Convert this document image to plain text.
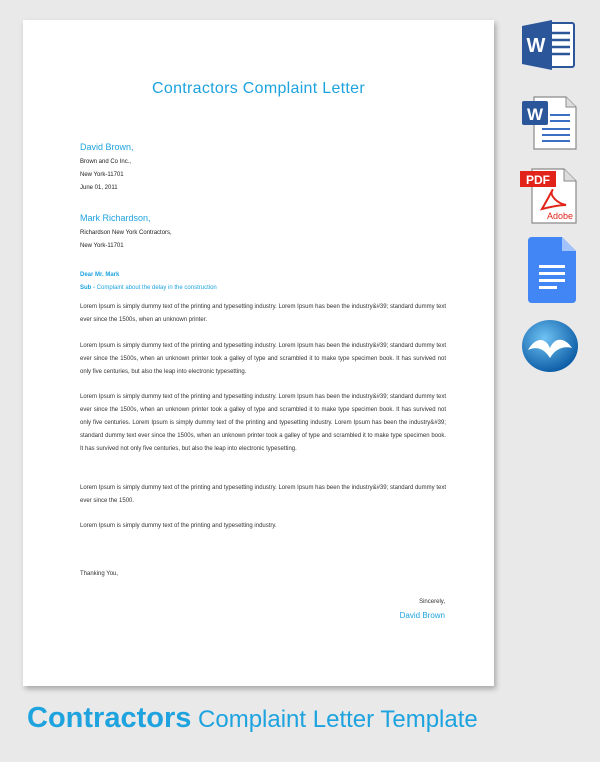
Contractors Complaint Letter
David Brown,
Brown and Co Inc.,
New York-11701
June 01, 2011
Mark Richardson,
Richardson New York Contractors,
New York-11701
Dear Mr. Mark
Sub - Complaint about the delay in the construction
Lorem Ipsum is simply dummy text of the printing and typesetting industry. Lorem Ipsum has been the industry&#39; standard dummy text ever since the 1500s, when an unknown printer.
Lorem Ipsum is simply dummy text of the printing and typesetting industry. Lorem Ipsum has been the industry&#39; standard dummy text ever since the 1500s, when an unknown printer took a galley of type and scrambled it to make type specimen book. It has survived not only five centuries, but also the leap into electronic typesetting.
Lorem Ipsum is simply dummy text of the printing and typesetting industry. Lorem Ipsum has been the industry&#39; standard dummy text ever since the 1500s, when an unknown printer took a galley of type and scrambled it to make type specimen book. It has survived not only five centuries. Lorem Ipsum is simply dummy text of the printing and typesetting industry. Lorem Ipsum has been the industry&#39; standard dummy text ever since the 1500s, when an unknown printer took a galley of type and scrambled it to make type specimen book. It has survived not only five centuries, but also the leap into electronic typesetting.
Lorem Ipsum is simply dummy text of the printing and typesetting industry. Lorem Ipsum has been the industry&#39; standard dummy text ever since the 1500.
Lorem Ipsum is simply dummy text of the printing and typesetting industry.
Thanking You,
Sincerely,
David Brown
W
W
PDF
Adobe
Contractors Complaint Letter Template
